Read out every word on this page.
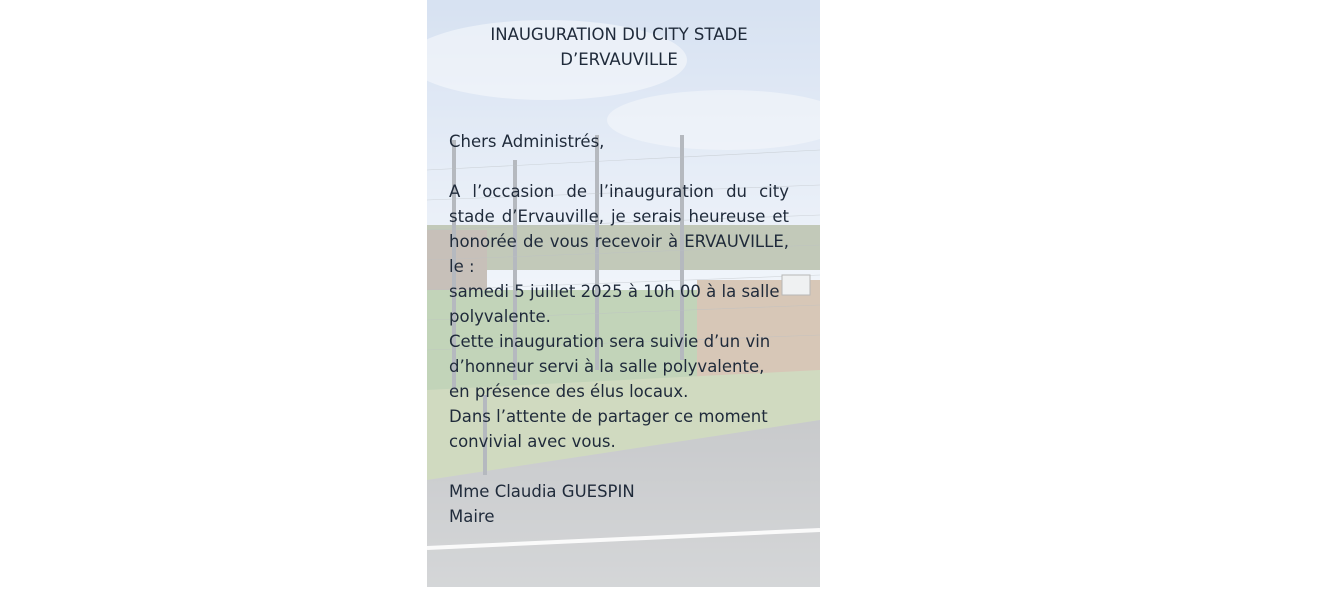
INAUGURATION DU CITY STADE
D’ERVAUVILLE

Chers Administrés,

A l’occasion de l’inauguration du city stade d’Ervauville, je serais heureuse et honorée de vous recevoir à ERVAUVILLE, le :

samedi 5 juillet 2025 à 10h 00 à la salle polyvalente.

Cette inauguration sera suivie d’un vin d’honneur servi à la salle polyvalente, en présence des élus locaux.

Dans l’attente de partager ce moment convivial avec vous.

Mme Claudia GUESPIN

Maire
